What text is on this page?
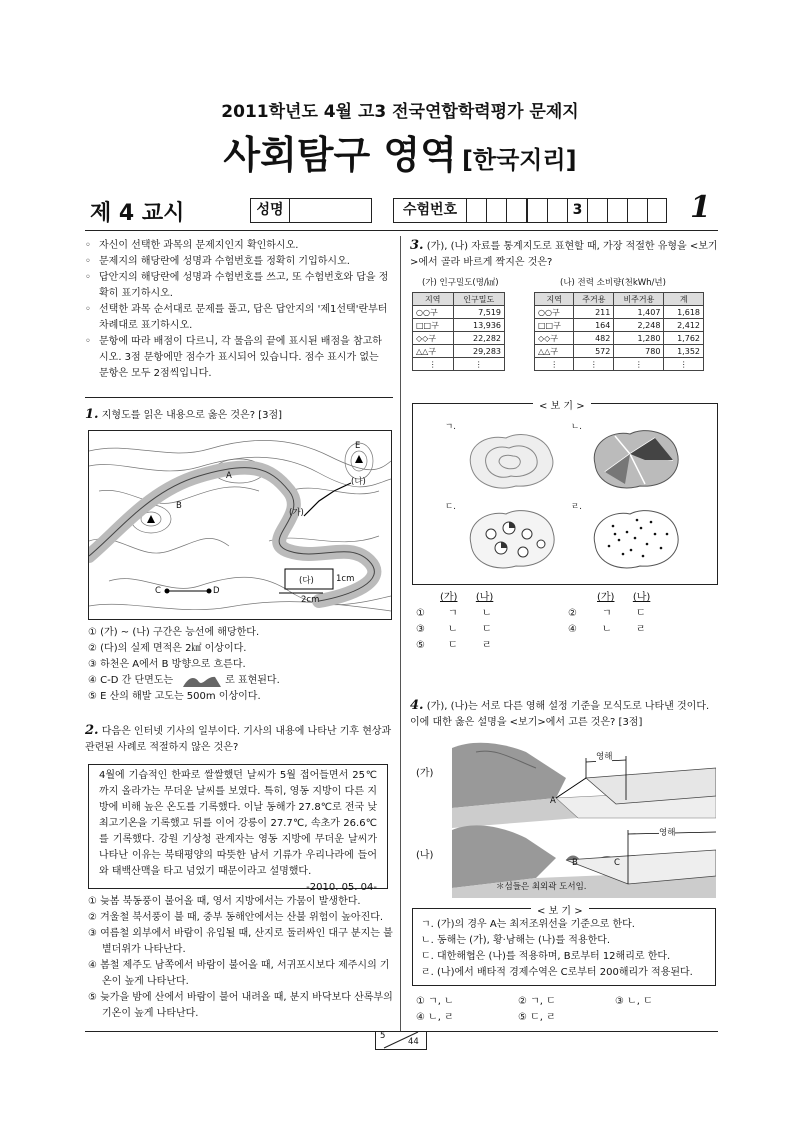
2011학년도 4월 고3 전국연합학력평가 문제지
사회탐구 영역 [한국지리]
제 4 교시	성명	수험번호	3	1
◦ 자신이 선택한 과목의 문제지인지 확인하시오.
◦ 문제지의 해당란에 성명과 수험번호를 정확히 기입하시오.
◦ 답안지의 해당란에 성명과 수험번호를 쓰고, 또 수험번호와 답을 정확히 표기하시오.
◦ 선택한 과목 순서대로 문제를 풀고, 답은 답안지의 '제1선택'란부터 차례대로 표기하시오.
◦ 문항에 따라 배점이 다르니, 각 물음의 끝에 표시된 배점을 참고하시오. 3점 문항에만 점수가 표시되어 있습니다. 점수 표시가 없는 문항은 모두 2점씩입니다.
1. 지형도를 읽은 내용으로 옳은 것은? [3점]
A
B
C	D
E
(가)
(나)
(다)	1cm
2cm
① (가) ~ (나) 구간은 능선에 해당한다.
② (다)의 실제 면적은 2㎢ 이상이다.
③ 하천은 A에서 B 방향으로 흐른다.
④ C-D 간 단면도는	로 표현된다.
⑤ E 산의 해발 고도는 500m 이상이다.
2. 다음은 인터넷 기사의 일부이다. 기사의 내용에 나타난 기후 현상과 관련된 사례로 적절하지 않은 것은?
4월에 기습적인 한파로 쌀쌀했던 날씨가 5월 접어들면서 25℃까지 올라가는 무더운 날씨를 보였다. 특히, 영동 지방이 다른 지방에 비해 높은 온도를 기록했다. 이날 동해가 27.8℃로 전국 낮 최고기온을 기록했고 뒤를 이어 강릉이 27.7℃, 속초가 26.6℃를 기록했다. 강원 기상청 관계자는 영동 지방에 무더운 날씨가 나타난 이유는 북태평양의 따뜻한 남서 기류가 우리나라에 들어와 태백산맥을 타고 넘었기 때문이라고 설명했다.
-2010. 05. 04-
① 늦봄 북동풍이 불어올 때, 영서 지방에서는 가뭄이 발생한다.
② 겨울철 북서풍이 불 때, 중부 동해안에서는 산불 위험이 높아진다.
③ 여름철 외부에서 바람이 유입될 때, 산지로 둘러싸인 대구 분지는 불볕더위가 나타난다.
④ 봄철 제주도 남쪽에서 바람이 불어올 때, 서귀포시보다 제주시의 기온이 높게 나타난다.
⑤ 늦가을 밤에 산에서 바람이 불어 내려올 때, 분지 바닥보다 산록부의 기온이 높게 나타난다.
3. (가), (나) 자료를 통계지도로 표현할 때, 가장 적절한 유형을 <보기>에서 골라 바르게 짝지은 것은?
(가) 인구밀도(명/㎢)	(나) 전력 소비량(천kWh/년)
지역	인구밀도
○○구	7,519
□□구	13,936
◇◇구	22,282
△△구	29,283
⋮	⋮
지역	주거용	비주거용	계
○○구	211	1,407	1,618
□□구	164	2,248	2,412
◇◇구	482	1,280	1,762
△△구	572	780	1,352
⋮	⋮	⋮	⋮
< 보 기 >
ㄱ.	ㄴ.
ㄷ.	ㄹ.
(가) (나)	(가) (나)
① ㄱ ㄴ	②	ㄱ ㄷ
③ ㄴ ㄷ	④	ㄴ ㄹ
⑤ ㄷ ㄹ
4. (가), (나)는 서로 다른 영해 설정 기준을 모식도로 나타낸 것이다. 이에 대한 옳은 설명을 <보기>에서 고른 것은? [3점]
(가)
(나)
영해
영해
A
B	C
＊섬들은 최외곽 도서임.
< 보 기 >
ㄱ. (가)의 경우 A는 최저조위선을 기준으로 한다.
ㄴ. 동해는 (가), 황·남해는 (나)를 적용한다.
ㄷ. 대한해협은 (나)를 적용하며, B로부터 12해리로 한다.
ㄹ. (나)에서 배타적 경제수역은 C로부터 200해리가 적용된다.
① ㄱ, ㄴ	② ㄱ, ㄷ	③ ㄴ, ㄷ
④ ㄴ, ㄹ	⑤ ㄷ, ㄹ
5
44
